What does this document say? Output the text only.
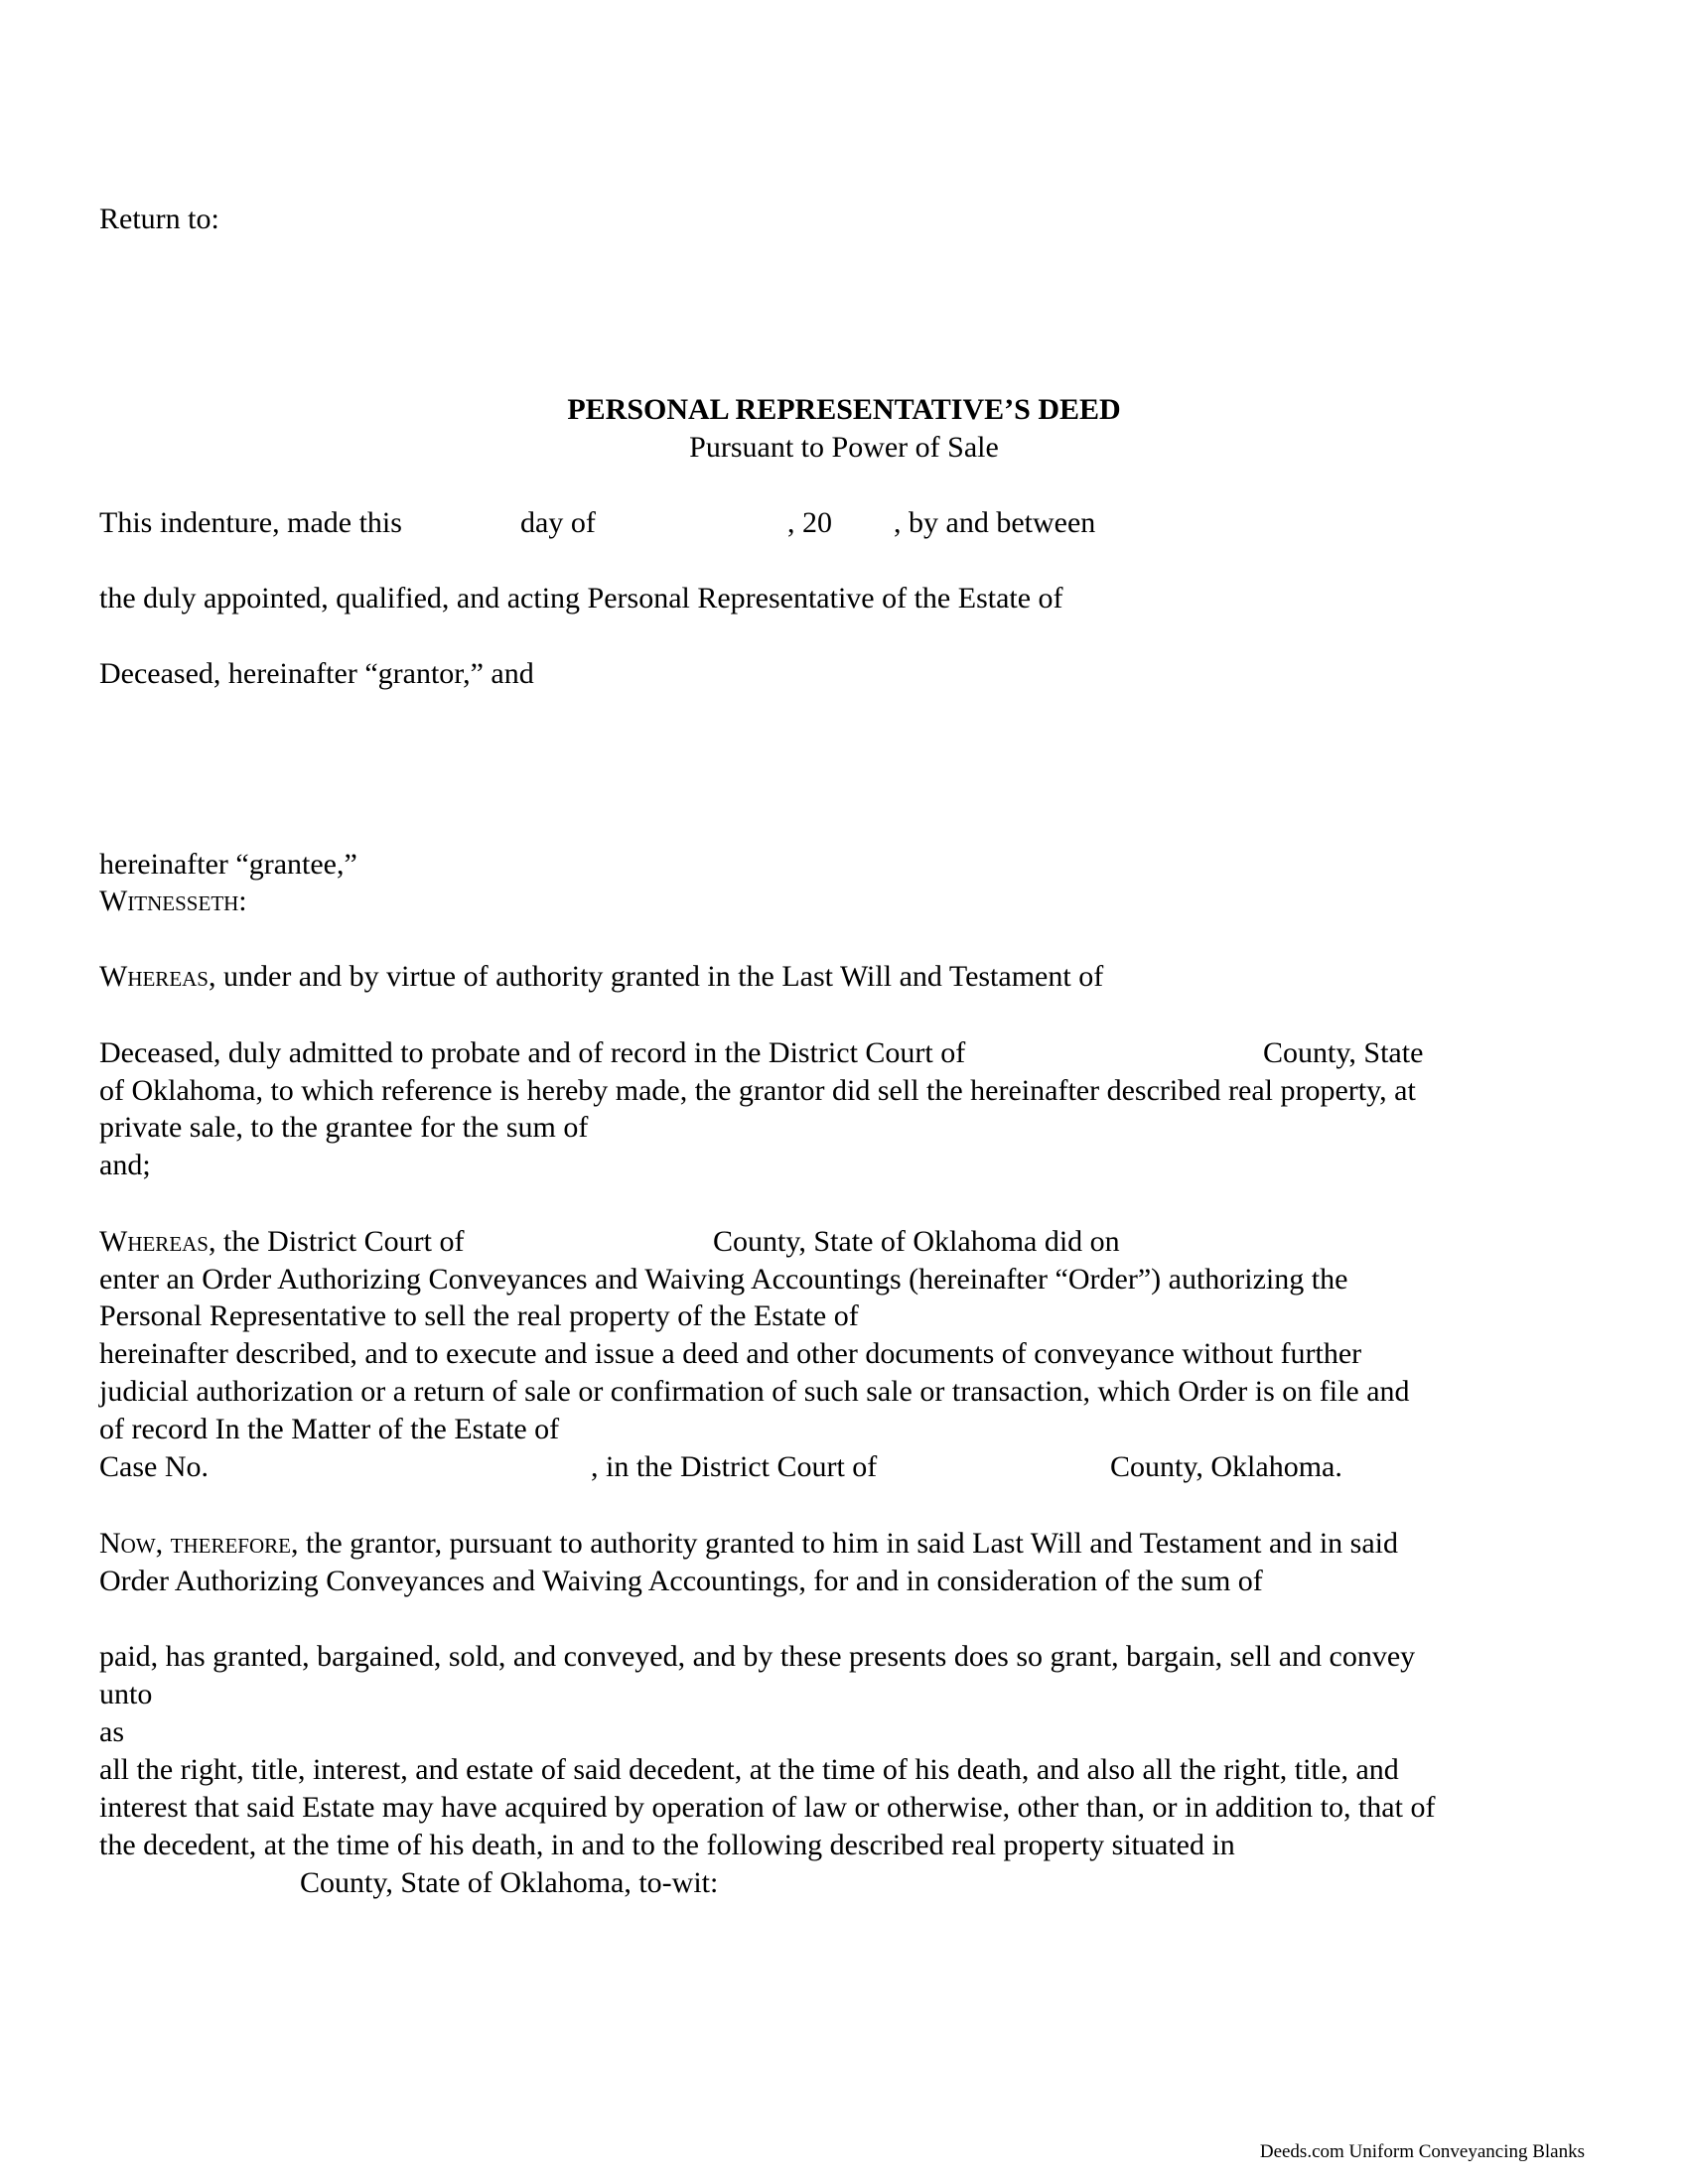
Return to:
PERSONAL REPRESENTATIVE’S DEED
Pursuant to Power of Sale
This indenture, made this	day of	, 20 , by and between
the duly appointed, qualified, and acting Personal Representative of the Estate of
Deceased, hereinafter “grantor,” and
hereinafter “grantee,”
Witnesseth:
Whereas, under and by virtue of authority granted in the Last Will and Testament of
Deceased, duly admitted to probate and of record in the District Court of	County, State
of Oklahoma, to which reference is hereby made, the grantor did sell the hereinafter described real property, at
private sale, to the grantee for the sum of
and;
Whereas, the District Court of	County, State of Oklahoma did on
enter an Order Authorizing Conveyances and Waiving Accountings (hereinafter “Order”) authorizing the
Personal Representative to sell the real property of the Estate of
hereinafter described, and to execute and issue a deed and other documents of conveyance without further
judicial authorization or a return of sale or confirmation of such sale or transaction, which Order is on file and
of record In the Matter of the Estate of
Case No.	, in the District Court of	County, Oklahoma.
Now, therefore, the grantor, pursuant to authority granted to him in said Last Will and Testament and in said
Order Authorizing Conveyances and Waiving Accountings, for and in consideration of the sum of
paid, has granted, bargained, sold, and conveyed, and by these presents does so grant, bargain, sell and convey
unto
as
all the right, title, interest, and estate of said decedent, at the time of his death, and also all the right, title, and
interest that said Estate may have acquired by operation of law or otherwise, other than, or in addition to, that of
the decedent, at the time of his death, in and to the following described real property situated in
County, State of Oklahoma, to-wit:
Deeds.com Uniform Conveyancing Blanks
